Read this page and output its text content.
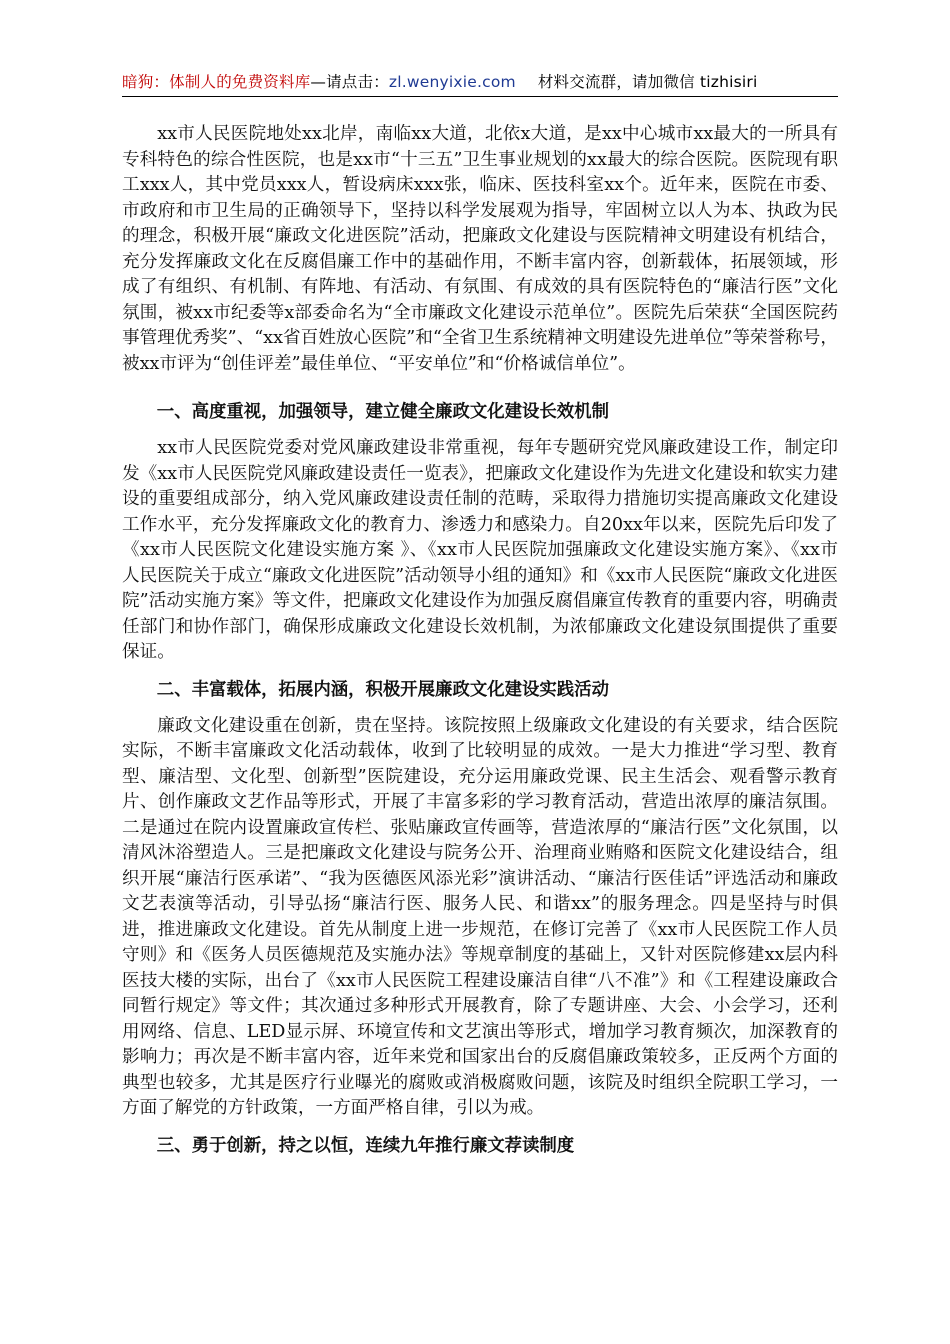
暗狗：体制人的免费资料库—请点击：zl.wenyixie.com 材料交流群，请加微信 tizhisiri

xx市人民医院地处xx北岸，南临xx大道，北依x大道，是xx中心城市xx最大的一所具有专科特色的综合性医院，也是xx市“十三五”卫生事业规划的xx最大的综合医院。医院现有职工xxx人，其中党员xxx人，暂设病床xxx张，临床、医技科室xx个。近年来，医院在市委、市政府和市卫生局的正确领导下，坚持以科学发展观为指导，牢固树立以人为本、执政为民的理念，积极开展“廉政文化进医院”活动，把廉政文化建设与医院精神文明建设有机结合，充分发挥廉政文化在反腐倡廉工作中的基础作用，不断丰富内容，创新载体，拓展领域，形成了有组织、有机制、有阵地、有活动、有氛围、有成效的具有医院特色的“廉洁行医”文化氛围，被xx市纪委等x部委命名为“全市廉政文化建设示范单位”。医院先后荣获“全国医院药事管理优秀奖”、“xx省百姓放心医院”和“全省卫生系统精神文明建设先进单位”等荣誉称号，被xx市评为“创佳评差”最佳单位、“平安单位”和“价格诚信单位”。

一、高度重视，加强领导，建立健全廉政文化建设长效机制

xx市人民医院党委对党风廉政建设非常重视，每年专题研究党风廉政建设工作，制定印发《xx市人民医院党风廉政建设责任一览表》，把廉政文化建设作为先进文化建设和软实力建设的重要组成部分，纳入党风廉政建设责任制的范畴，采取得力措施切实提高廉政文化建设工作水平，充分发挥廉政文化的教育力、渗透力和感染力。自20xx年以来，医院先后印发了《xx市人民医院文化建设实施方案 》、《xx市人民医院加强廉政文化建设实施方案》、《xx市人民医院关于成立“廉政文化进医院”活动领导小组的通知》和《xx市人民医院“廉政文化进医院”活动实施方案》等文件，把廉政文化建设作为加强反腐倡廉宣传教育的重要内容，明确责任部门和协作部门，确保形成廉政文化建设长效机制，为浓郁廉政文化建设氛围提供了重要保证。

二、丰富载体，拓展内涵，积极开展廉政文化建设实践活动

廉政文化建设重在创新，贵在坚持。该院按照上级廉政文化建设的有关要求，结合医院实际，不断丰富廉政文化活动载体，收到了比较明显的成效。一是大力推进“学习型、教育型、廉洁型、文化型、创新型”医院建设，充分运用廉政党课、民主生活会、观看警示教育片、创作廉政文艺作品等形式，开展了丰富多彩的学习教育活动，营造出浓厚的廉洁氛围。二是通过在院内设置廉政宣传栏、张贴廉政宣传画等，营造浓厚的“廉洁行医”文化氛围，以清风沐浴塑造人。三是把廉政文化建设与院务公开、治理商业贿赂和医院文化建设结合，组织开展“廉洁行医承诺”、“我为医德医风添光彩”演讲活动、“廉洁行医佳话”评选活动和廉政文艺表演等活动，引导弘扬“廉洁行医、服务人民、和谐xx”的服务理念。四是坚持与时俱进，推进廉政文化建设。首先从制度上进一步规范，在修订完善了《xx市人民医院工作人员守则》和《医务人员医德规范及实施办法》等规章制度的基础上，又针对医院修建xx层内科医技大楼的实际，出台了《xx市人民医院工程建设廉洁自律“八不准”》和《工程建设廉政合同暂行规定》等文件；其次通过多种形式开展教育，除了专题讲座、大会、小会学习，还利用网络、信息、LED显示屏、环境宣传和文艺演出等形式，增加学习教育频次，加深教育的影响力；再次是不断丰富内容，近年来党和国家出台的反腐倡廉政策较多，正反两个方面的典型也较多，尤其是医疗行业曝光的腐败或消极腐败问题，该院及时组织全院职工学习，一方面了解党的方针政策，一方面严格自律，引以为戒。

三、勇于创新，持之以恒，连续九年推行廉文荐读制度
